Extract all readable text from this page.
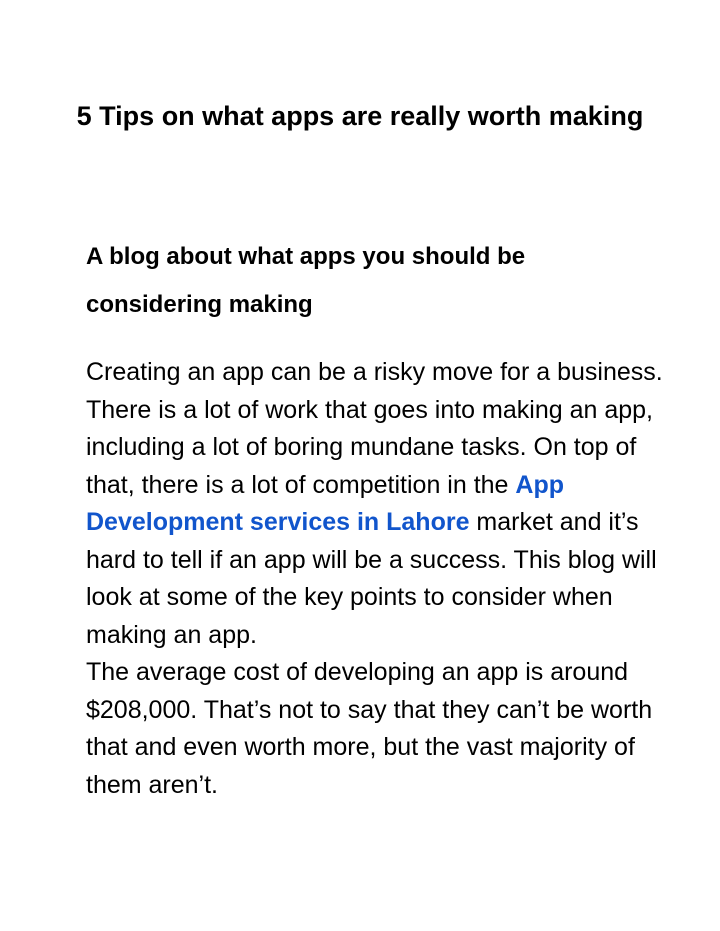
5 Tips on what apps are really worth making
A blog about what apps you should be considering making

Creating an app can be a risky move for a business. There is a lot of work that goes into making an app, including a lot of boring mundane tasks. On top of that, there is a lot of competition in the App Development services in Lahore market and it’s hard to tell if an app will be a success. This blog will look at some of the key points to consider when making an app.

The average cost of developing an app is around $208,000. That’s not to say that they can’t be worth that and even worth more, but the vast majority of them aren’t.
